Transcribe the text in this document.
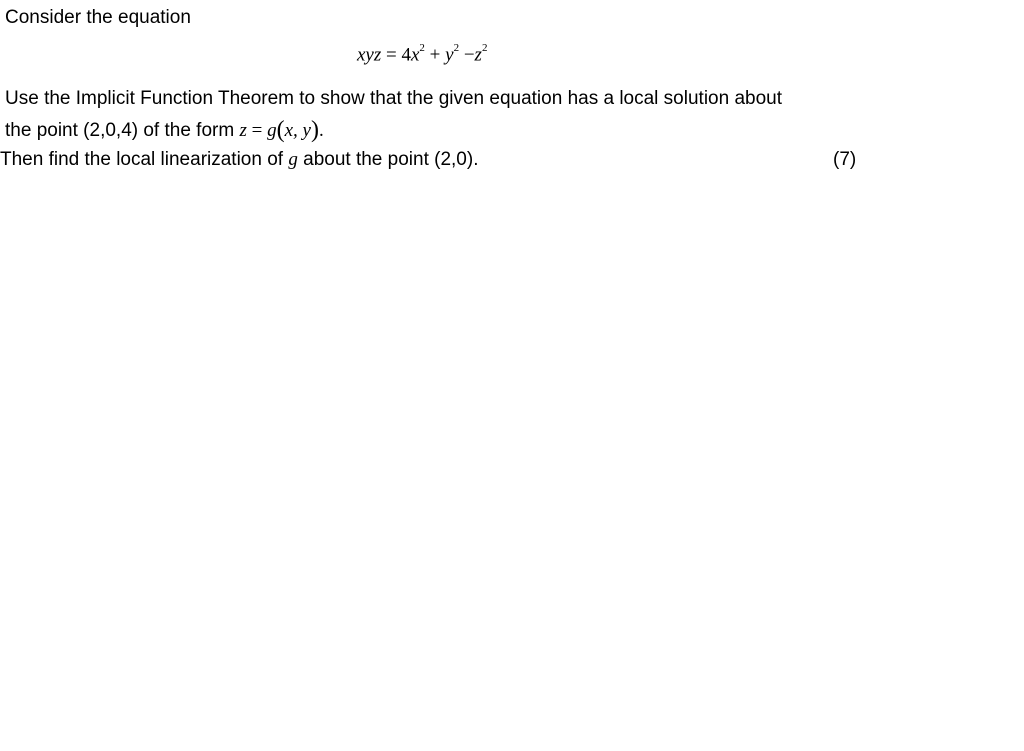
Consider the equation
xyz = $4x^2 + y^2 -z^2$
Use the Implicit Function Theorem to show that the given equation has a local solution about
the point (2,0,4) of the form z = g(x, y).
Then find the local linearization of g about the point (2,0).	(7)
